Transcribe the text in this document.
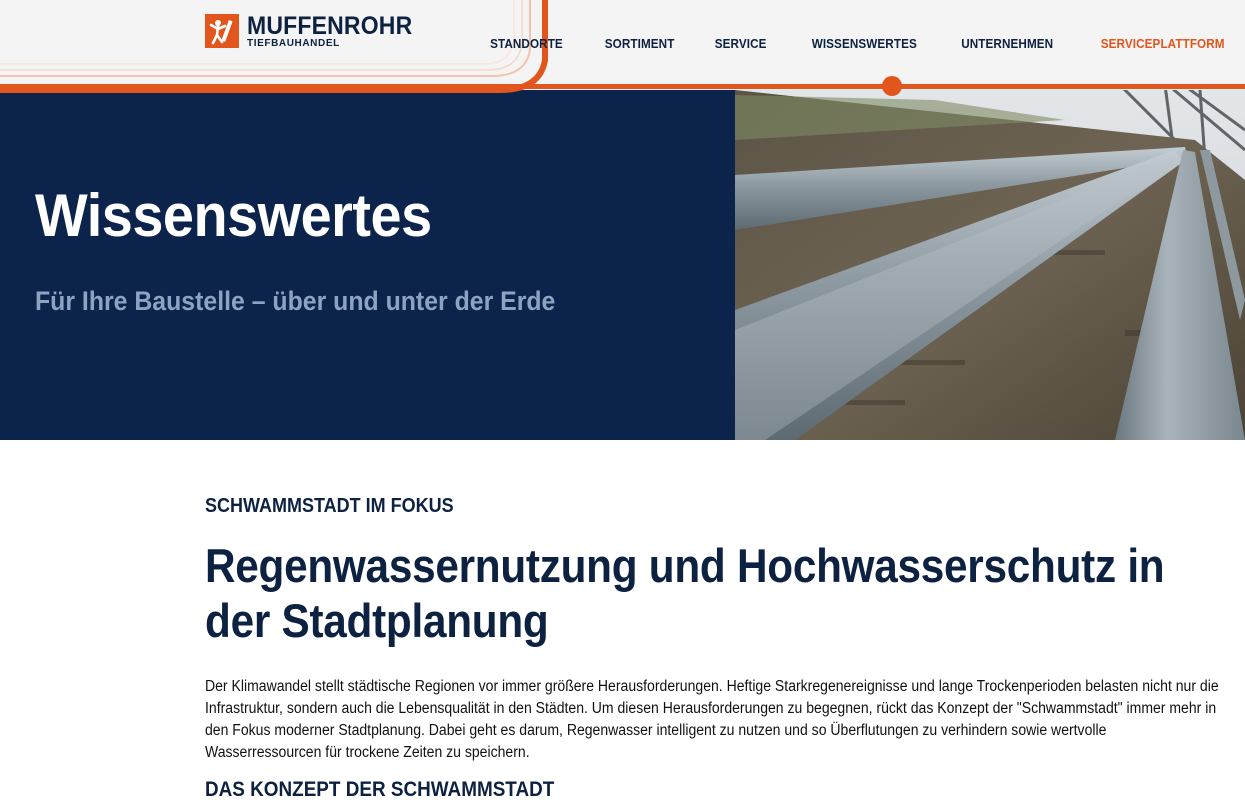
MUFFENROHR
TIEFBAUHANDEL	STANDORTE	SORTIMENT	SERVICE	WISSENSWERTES	UNTERNEHMEN	SERVICEPLATTFORM
Wissenswertes
Für Ihre Baustelle – über und unter der Erde
SCHWAMMSTADT IM FOKUS
Regenwassernutzung und Hochwasserschutz in der Stadtplanung

Der Klimawandel stellt städtische Regionen vor immer größere Herausforderungen. Heftige Starkregenereignisse und lange Trockenperioden belasten nicht nur die Infrastruktur, sondern auch die Lebensqualität in den Städten. Um diesen Herausforderungen zu begegnen, rückt das Konzept der "Schwammstadt" immer mehr in den Fokus moderner Stadtplanung. Dabei geht es darum, Regenwasser intelligent zu nutzen und so Überflutungen zu verhindern sowie wertvolle Wasserressourcen für trockene Zeiten zu speichern.

DAS KONZEPT DER SCHWAMMSTADT
